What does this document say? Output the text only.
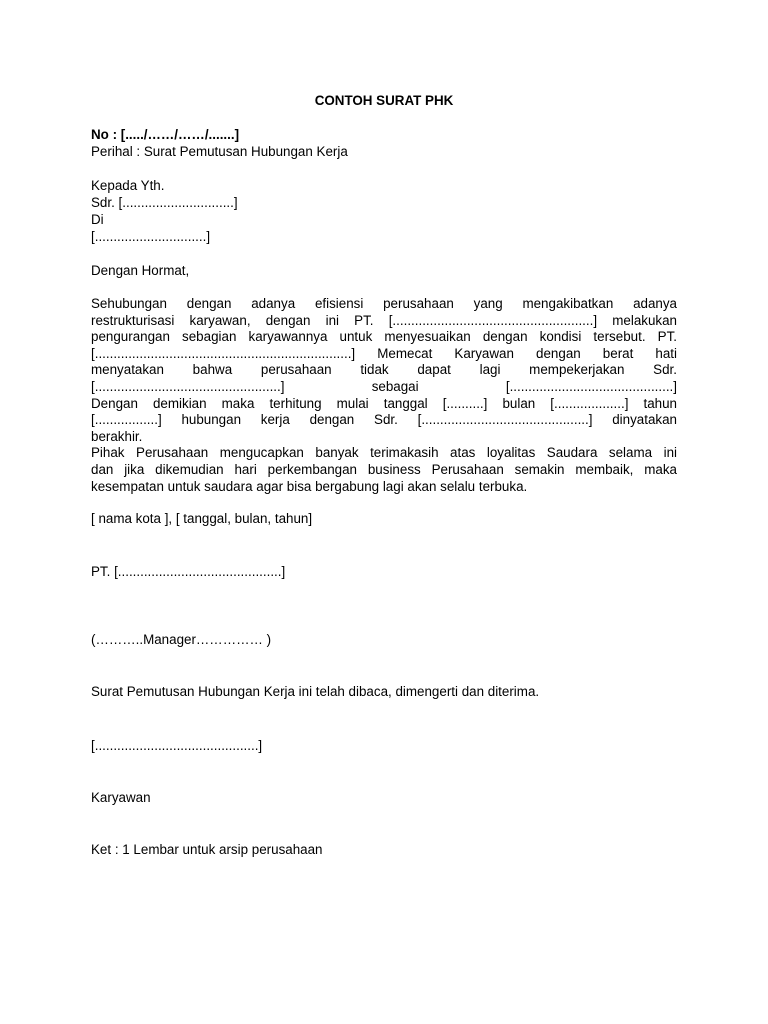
CONTOH SURAT PHK
No : [...../……/……/.......]
Perihal : Surat Pemutusan Hubungan Kerja
Kepada Yth.
Sdr. [..............................]
Di
[..............................]
Dengan Hormat,
Sehubungan dengan adanya efisiensi perusahaan yang mengakibatkan adanya
restrukturisasi karyawan, dengan ini PT. [......................................................] melakukan
pengurangan sebagian karyawannya untuk menyesuaikan dengan kondisi tersebut. PT.
[.....................................................................] Memecat Karyawan dengan berat hati
menyatakan bahwa perusahaan tidak dapat lagi mempekerjakan Sdr.
[..................................................] sebagai [............................................]
Dengan demikian maka terhitung mulai tanggal [..........] bulan [...................] tahun
[.................] hubungan kerja dengan Sdr. [.............................................] dinyatakan
berakhir.
Pihak Perusahaan mengucapkan banyak terimakasih atas loyalitas Saudara selama ini
dan jika dikemudian hari perkembangan business Perusahaan semakin membaik, maka
kesempatan untuk saudara agar bisa bergabung lagi akan selalu terbuka.
[ nama kota ], [ tanggal, bulan, tahun]
PT. [............................................]
(………..Manager…………… )
Surat Pemutusan Hubungan Kerja ini telah dibaca, dimengerti dan diterima.
[............................................]
Karyawan
Ket : 1 Lembar untuk arsip perusahaan
